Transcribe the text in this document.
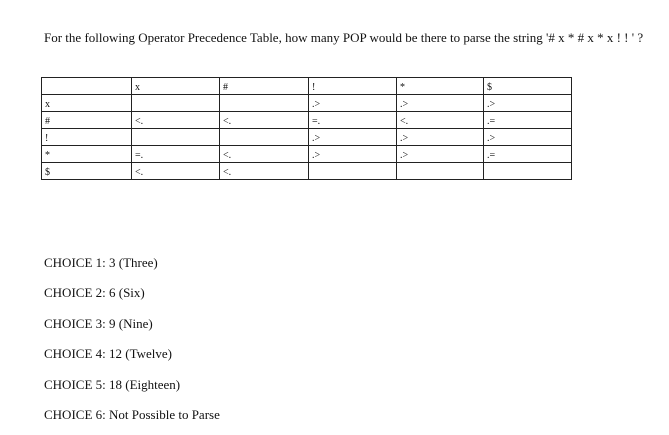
For the following Operator Precedence Table, how many POP would be there to parse the string '# x * # x * x ! ! ' ?

	x	#	!	*	$
x			.>	.>	.>
#	<.	<.	=.	<.	.=
!			.>	.>	.>
*	=.	<.	.>	.>	.=
$	<.	<.			
CHOICE 1: 3 (Three)
CHOICE 2: 6 (Six)
CHOICE 3: 9 (Nine)
CHOICE 4: 12 (Twelve)
CHOICE 5: 18 (Eighteen)
CHOICE 6: Not Possible to Parse
